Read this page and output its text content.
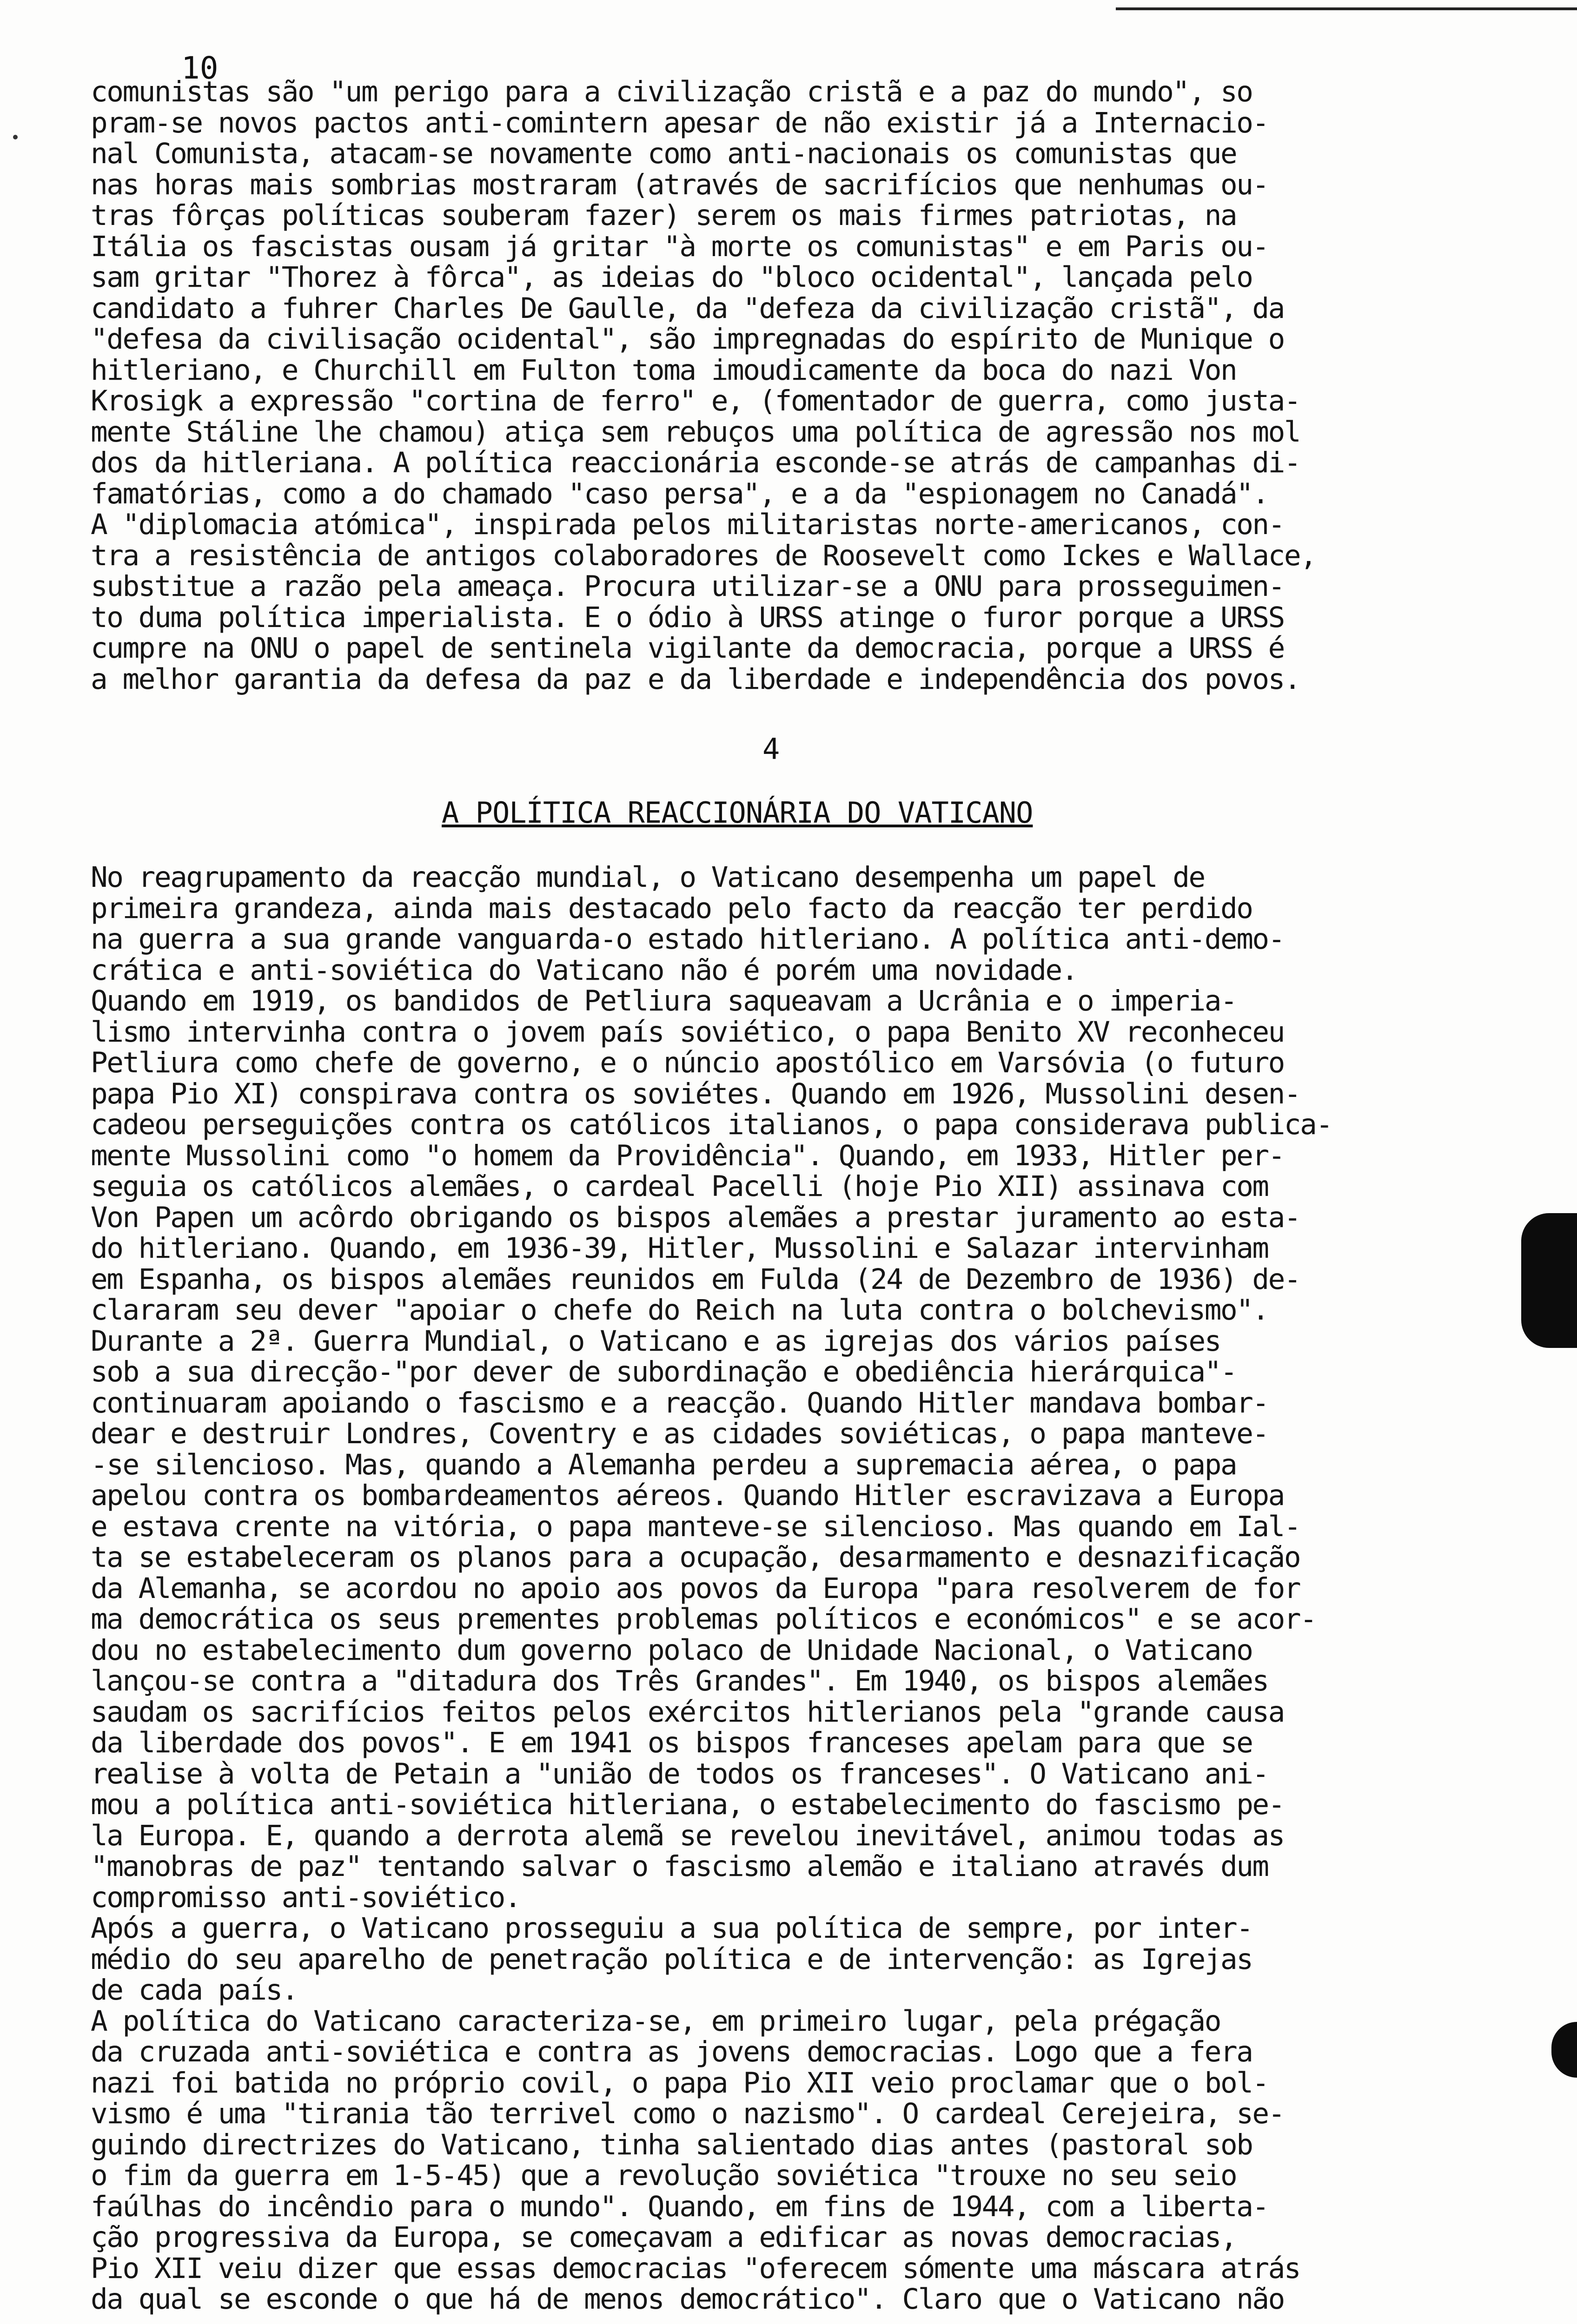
10
comunistas são "um perigo para a civilização cristã e a paz do mundo", so
pram-se novos pactos anti-comintern apesar de não existir já a Internacio-
nal Comunista, atacam-se novamente como anti-nacionais os comunistas que
nas horas mais sombrias mostraram (através de sacrifícios que nenhumas ou-
tras fôrças políticas souberam fazer) serem os mais firmes patriotas, na
Itália os fascistas ousam já gritar "à morte os comunistas" e em Paris ou-
sam gritar "Thorez à fôrca", as ideias do "bloco ocidental", lançada pelo
candidato a fuhrer Charles De Gaulle, da "defeza da civilização cristã", da
"defesa da civilisação ocidental", são impregnadas do espírito de Munique o
hitleriano, e Churchill em Fulton toma imoudicamente da boca do nazi Von
Krosigk a expressão "cortina de ferro" e, (fomentador de guerra, como justa-
mente Stáline lhe chamou) atiça sem rebuços uma política de agressão nos mol
dos da hitleriana. A política reaccionária esconde-se atrás de campanhas di-
famatórias, como a do chamado "caso persa", e a da "espionagem no Canadá".
A "diplomacia atómica", inspirada pelos militaristas norte-americanos, con-
tra a resistência de antigos colaboradores de Roosevelt como Ickes e Wallace,
substitue a razão pela ameaça. Procura utilizar-se a ONU para prosseguimen-
to duma política imperialista. E o ódio à URSS atinge o furor porque a URSS
cumpre na ONU o papel de sentinela vigilante da democracia, porque a URSS é
a melhor garantia da defesa da paz e da liberdade e independência dos povos.
4
A POLÍTICA REACCIONÁRIA DO VATICANO
No reagrupamento da reacção mundial, o Vaticano desempenha um papel de
primeira grandeza, ainda mais destacado pelo facto da reacção ter perdido
na guerra a sua grande vanguarda-o estado hitleriano. A política anti-demo-
crática e anti-soviética do Vaticano não é porém uma novidade.
Quando em 1919, os bandidos de Petliura saqueavam a Ucrânia e o imperia-
lismo intervinha contra o jovem país soviético, o papa Benito XV reconheceu
Petliura como chefe de governo, e o núncio apostólico em Varsóvia (o futuro
papa Pio XI) conspirava contra os soviétes. Quando em 1926, Mussolini desen-
cadeou perseguições contra os católicos italianos, o papa considerava publica-
mente Mussolini como "o homem da Providência". Quando, em 1933, Hitler per-
seguia os católicos alemães, o cardeal Pacelli (hoje Pio XII) assinava com
Von Papen um acôrdo obrigando os bispos alemães a prestar juramento ao esta-
do hitleriano. Quando, em 1936-39, Hitler, Mussolini e Salazar intervinham
em Espanha, os bispos alemães reunidos em Fulda (24 de Dezembro de 1936) de-
clararam seu dever "apoiar o chefe do Reich na luta contra o bolchevismo".
Durante a 2ª. Guerra Mundial, o Vaticano e as igrejas dos vários países
sob a sua direcção-"por dever de subordinação e obediência hierárquica"-
continuaram apoiando o fascismo e a reacção. Quando Hitler mandava bombar-
dear e destruir Londres, Coventry e as cidades soviéticas, o papa manteve-
-se silencioso. Mas, quando a Alemanha perdeu a supremacia aérea, o papa
apelou contra os bombardeamentos aéreos. Quando Hitler escravizava a Europa
e estava crente na vitória, o papa manteve-se silencioso. Mas quando em Ial-
ta se estabeleceram os planos para a ocupação, desarmamento e desnazificação
da Alemanha, se acordou no apoio aos povos da Europa "para resolverem de for
ma democrática os seus prementes problemas políticos e económicos" e se acor-
dou no estabelecimento dum governo polaco de Unidade Nacional, o Vaticano
lançou-se contra a "ditadura dos Três Grandes". Em 1940, os bispos alemães
saudam os sacrifícios feitos pelos exércitos hitlerianos pela "grande causa
da liberdade dos povos". E em 1941 os bispos franceses apelam para que se
realise à volta de Petain a "união de todos os franceses". O Vaticano ani-
mou a política anti-soviética hitleriana, o estabelecimento do fascismo pe-
la Europa. E, quando a derrota alemã se revelou inevitável, animou todas as
"manobras de paz" tentando salvar o fascismo alemão e italiano através dum
compromisso anti-soviético.
Após a guerra, o Vaticano prosseguiu a sua política de sempre, por inter-
médio do seu aparelho de penetração política e de intervenção: as Igrejas
de cada país.
A política do Vaticano caracteriza-se, em primeiro lugar, pela prégação
da cruzada anti-soviética e contra as jovens democracias. Logo que a fera
nazi foi batida no próprio covil, o papa Pio XII veio proclamar que o bol-
vismo é uma "tirania tão terrivel como o nazismo". O cardeal Cerejeira, se-
guindo directrizes do Vaticano, tinha salientado dias antes (pastoral sob
o fim da guerra em 1-5-45) que a revolução soviética "trouxe no seu seio
faúlhas do incêndio para o mundo". Quando, em fins de 1944, com a liberta-
ção progressiva da Europa, se começavam a edificar as novas democracias,
Pio XII veiu dizer que essas democracias "oferecem sómente uma máscara atrás
da qual se esconde o que há de menos democrático". Claro que o Vaticano não
